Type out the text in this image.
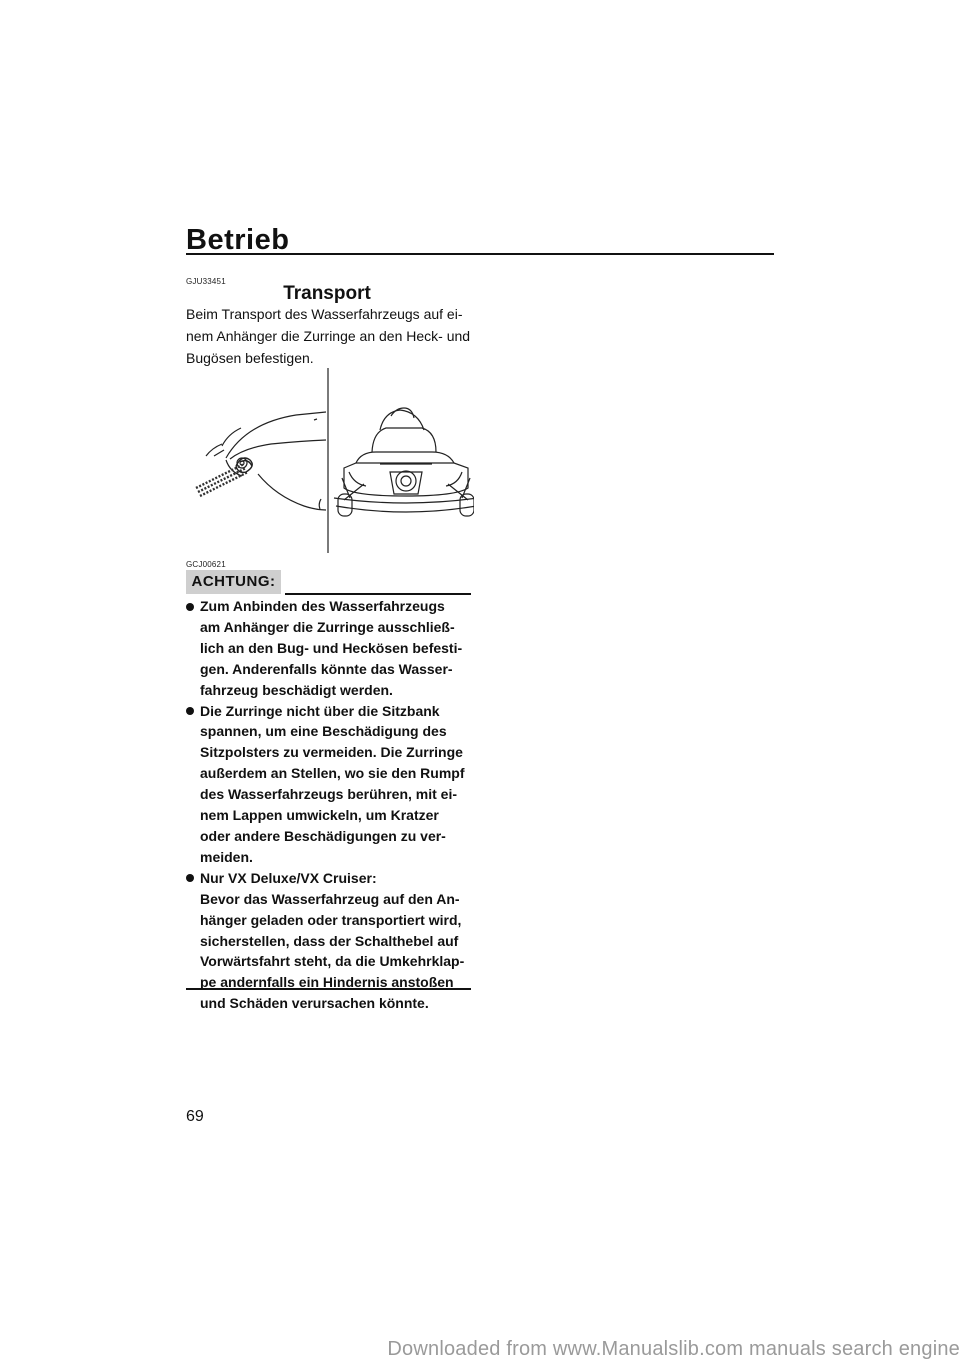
Betrieb
GJU33451
Transport
Beim Transport des Wasserfahrzeugs auf ei-
nem Anhänger die Zurringe an den Heck- und
Bugösen befestigen.
GCJ00621
ACHTUNG:
Zum Anbinden des Wasserfahrzeugs
am Anhänger die Zurringe ausschließ-
lich an den Bug- und Heckösen befesti-
gen. Anderenfalls könnte das Wasser-
fahrzeug beschädigt werden.
Die Zurringe nicht über die Sitzbank
spannen, um eine Beschädigung des
Sitzpolsters zu vermeiden. Die Zurringe
außerdem an Stellen, wo sie den Rumpf
des Wasserfahrzeugs berühren, mit ei-
nem Lappen umwickeln, um Kratzer
oder andere Beschädigungen zu ver-
meiden.
Nur VX Deluxe/VX Cruiser:
Bevor das Wasserfahrzeug auf den An-
hänger geladen oder transportiert wird,
sicherstellen, dass der Schalthebel auf
Vorwärtsfahrt steht, da die Umkehrklap-
pe andernfalls ein Hindernis anstoßen
und Schäden verursachen könnte.
69
Downloaded from www.Manualslib.com manuals search engine
